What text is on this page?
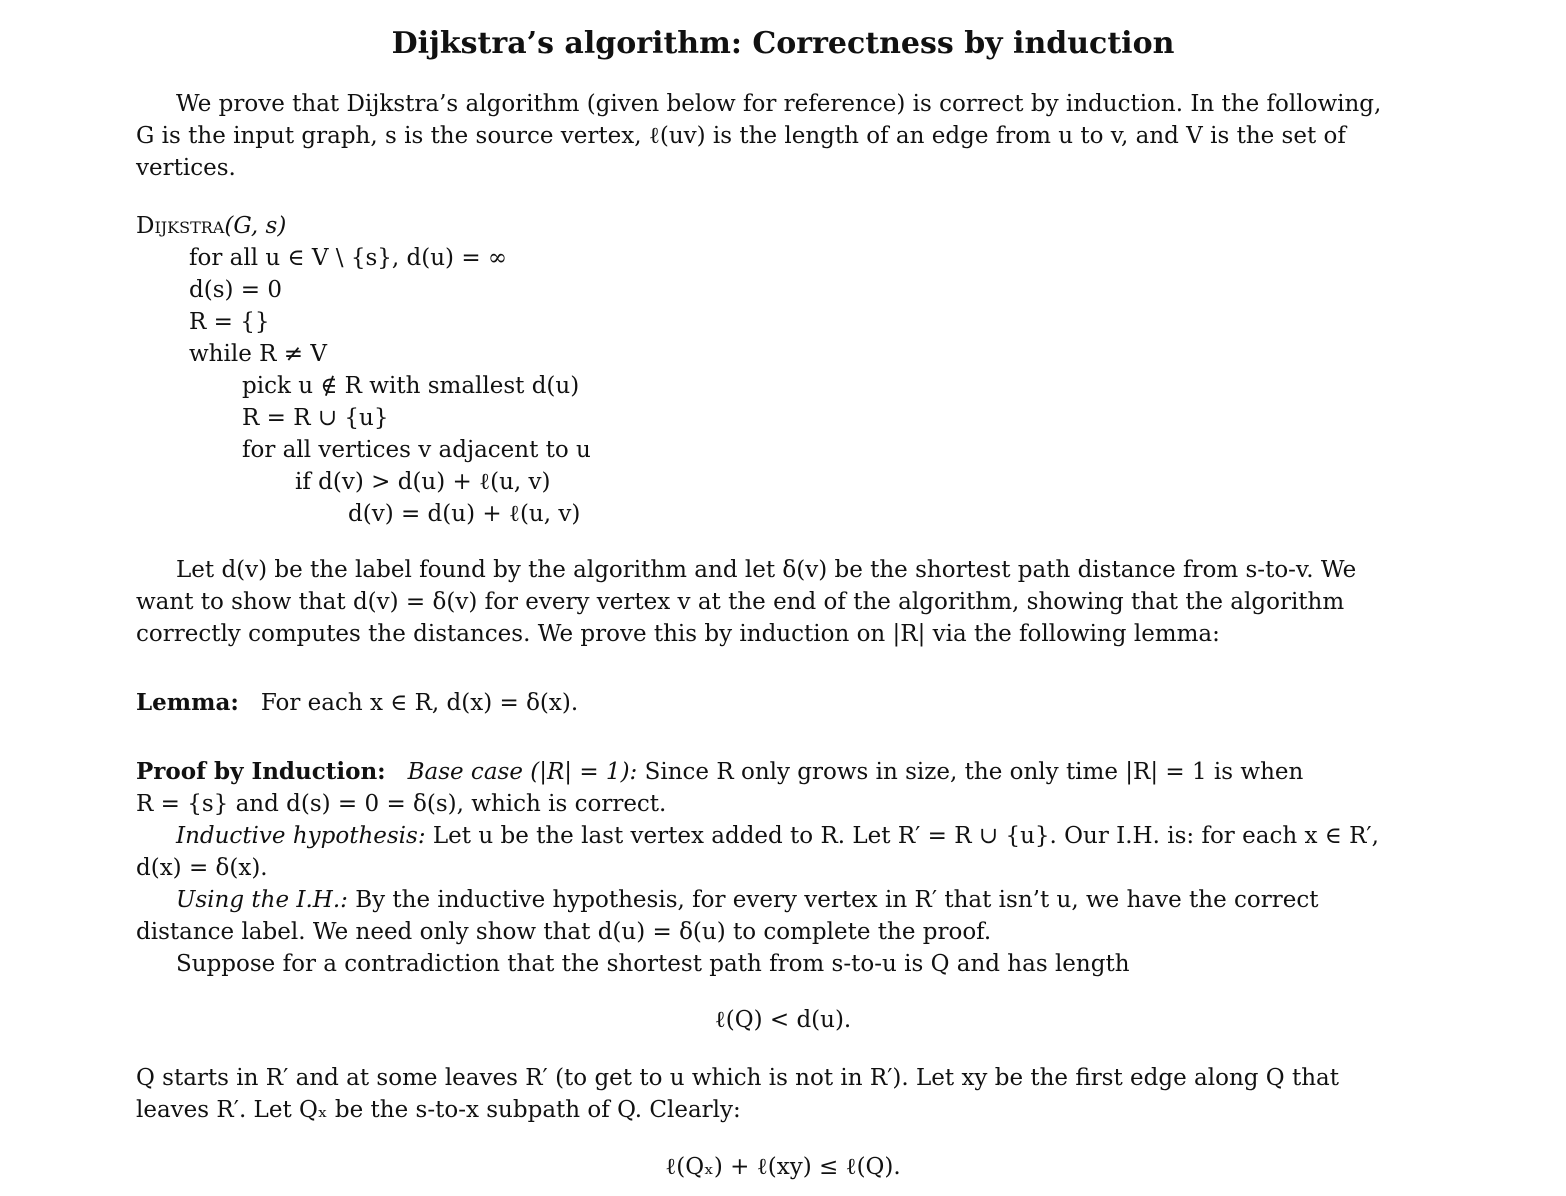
Dijkstra’s algorithm: Correctness by induction
We prove that Dijkstra’s algorithm (given below for reference) is correct by induction. In the following,
G is the input graph, s is the source vertex, ℓ(uv) is the length of an edge from u to v, and V is the set of
vertices.
Dijkstra(G, s)
for all u ∈ V \ {s}, d(u) = ∞
d(s) = 0
R = {}
while R ≠ V
pick u ∉ R with smallest d(u)
R = R ∪ {u}
for all vertices v adjacent to u
if d(v) > d(u) + ℓ(u, v)
d(v) = d(u) + ℓ(u, v)
Let d(v) be the label found by the algorithm and let δ(v) be the shortest path distance from s-to-v. We
want to show that d(v) = δ(v) for every vertex v at the end of the algorithm, showing that the algorithm
correctly computes the distances. We prove this by induction on |R| via the following lemma:
Lemma: For each x ∈ R, d(x) = δ(x).
Proof by Induction: Base case (|R| = 1): Since R only grows in size, the only time |R| = 1 is when
R = {s} and d(s) = 0 = δ(s), which is correct.
Inductive hypothesis: Let u be the last vertex added to R. Let R′ = R ∪ {u}. Our I.H. is: for each x ∈ R′,
d(x) = δ(x).
Using the I.H.: By the inductive hypothesis, for every vertex in R′ that isn’t u, we have the correct
distance label. We need only show that d(u) = δ(u) to complete the proof.
Suppose for a contradiction that the shortest path from s-to-u is Q and has length
ℓ(Q) < d(u).
Q starts in R′ and at some leaves R′ (to get to u which is not in R′). Let xy be the first edge along Q that
leaves R′. Let Qₓ be the s-to-x subpath of Q. Clearly:
ℓ(Qₓ) + ℓ(xy) ≤ ℓ(Q).
